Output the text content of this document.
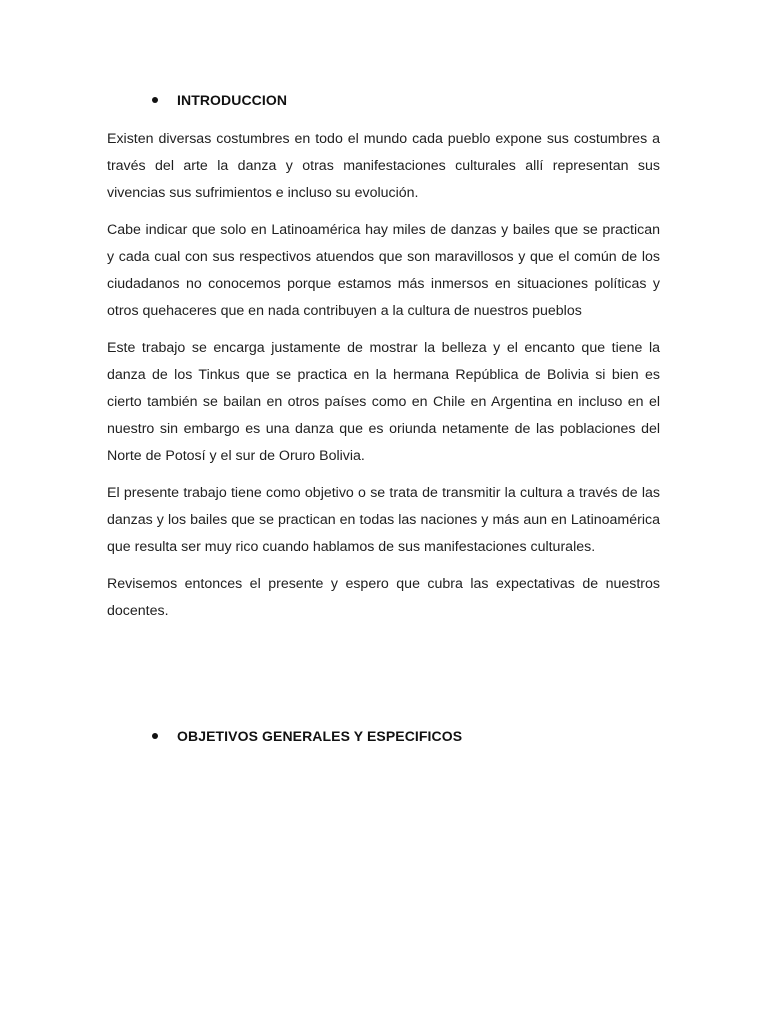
INTRODUCCION

Existen diversas costumbres en todo el mundo cada pueblo expone sus costumbres a través del arte la danza y otras manifestaciones culturales allí representan sus vivencias sus sufrimientos e incluso su evolución.

Cabe indicar que solo en Latinoamérica hay miles de danzas y bailes que se practican y cada cual con sus respectivos atuendos que son maravillosos y que el común de los ciudadanos no conocemos porque estamos más inmersos en situaciones políticas y otros quehaceres que en nada contribuyen a la cultura de nuestros pueblos

Este trabajo se encarga justamente de mostrar la belleza y el encanto que tiene la danza de los Tinkus que se practica en la hermana República de Bolivia si bien es cierto también se bailan en otros países como en Chile en Argentina en incluso en el nuestro sin embargo es una danza que es oriunda netamente de las poblaciones del Norte de Potosí y el sur de Oruro Bolivia.

El presente trabajo tiene como objetivo o se trata de transmitir la cultura a través de las danzas y los bailes que se practican en todas las naciones y más aun en Latinoamérica que resulta ser muy rico cuando hablamos de sus manifestaciones culturales.

Revisemos entonces el presente y espero que cubra las expectativas de nuestros docentes.

OBJETIVOS GENERALES Y ESPECIFICOS
